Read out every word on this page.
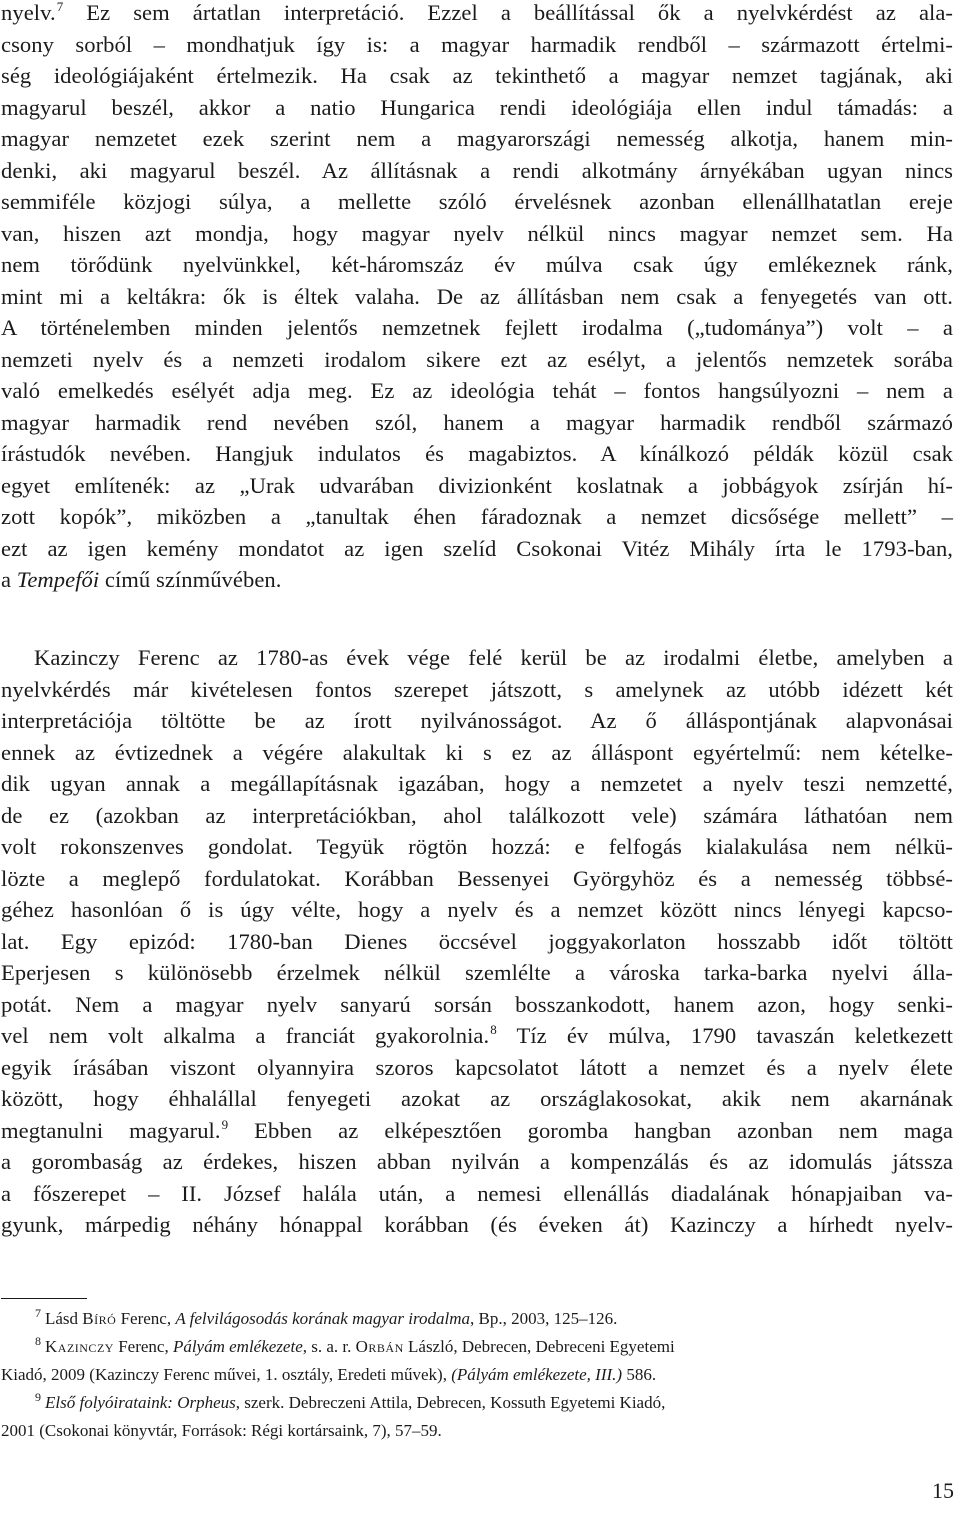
nyelv.$^7$ Ez sem ártatlan interpretáció. Ezzel a beállítással ők a nyelvkérdést az ala-
csony sorból – mondhatjuk így is: a magyar harmadik rendből – származott értelmi-
ség ideológiájaként értelmezik. Ha csak az tekinthető a magyar nemzet tagjának, aki
magyarul beszél, akkor a natio Hungarica rendi ideológiája ellen indul támadás: a
magyar nemzetet ezek szerint nem a magyarországi nemesség alkotja, hanem min-
denki, aki magyarul beszél. Az állításnak a rendi alkotmány árnyékában ugyan nincs
semmiféle közjogi súlya, a mellette szóló érvelésnek azonban ellenállhatatlan ereje
van, hiszen azt mondja, hogy magyar nyelv nélkül nincs magyar nemzet sem. Ha
nem törődünk nyelvünkkel, két-háromszáz év múlva csak úgy emlékeznek ránk,
mint mi a keltákra: ők is éltek valaha. De az állításban nem csak a fenyegetés van ott.
A történelemben minden jelentős nemzetnek fejlett irodalma („tudománya”) volt – a
nemzeti nyelv és a nemzeti irodalom sikere ezt az esélyt, a jelentős nemzetek sorába
való emelkedés esélyét adja meg. Ez az ideológia tehát – fontos hangsúlyozni – nem a
magyar harmadik rend nevében szól, hanem a magyar harmadik rendből származó
írástudók nevében. Hangjuk indulatos és magabiztos. A kínálkozó példák közül csak
egyet említenék: az „Urak udvarában divizionként koslatnak a jobbágyok zsírján hí-
zott kopók”, miközben a „tanultak éhen fáradoznak a nemzet dicsősége mellett” –
ezt az igen kemény mondatot az igen szelíd Csokonai Vitéz Mihály írta le 1793-ban,
a Tempefői című színművében.
Kazinczy Ferenc az 1780-as évek vége felé kerül be az irodalmi életbe, amelyben a
nyelvkérdés már kivételesen fontos szerepet játszott, s amelynek az utóbb idézett két
interpretációja töltötte be az írott nyilvánosságot. Az ő álláspontjának alapvonásai
ennek az évtizednek a végére alakultak ki s ez az álláspont egyértelmű: nem kételke-
dik ugyan annak a megállapításnak igazában, hogy a nemzetet a nyelv teszi nemzetté,
de ez (azokban az interpretációkban, ahol találkozott vele) számára láthatóan nem
volt rokonszenves gondolat. Tegyük rögtön hozzá: e felfogás kialakulása nem nélkü-
lözte a meglepő fordulatokat. Korábban Bessenyei Györgyhöz és a nemesség többsé-
géhez hasonlóan ő is úgy vélte, hogy a nyelv és a nemzet között nincs lényegi kapcso-
lat. Egy epizód: 1780-ban Dienes öccsével joggyakorlaton hosszabb időt töltött
Eperjesen s különösebb érzelmek nélkül szemlélte a városka tarka-barka nyelvi álla-
potát. Nem a magyar nyelv sanyarú sorsán bosszankodott, hanem azon, hogy senki-
vel nem volt alkalma a franciát gyakorolnia.$^8$ Tíz év múlva, 1790 tavaszán keletkezett
egyik írásában viszont olyannyira szoros kapcsolatot látott a nemzet és a nyelv élete
között, hogy éhhalállal fenyegeti azokat az országlakosokat, akik nem akarnának
megtanulni magyarul.$^9$ Ebben az elképesztően goromba hangban azonban nem maga
a gorombaság az érdekes, hiszen abban nyilván a kompenzálás és az idomulás játssza
a főszerepet – II. József halála után, a nemesi ellenállás diadalának hónapjaiban va-
gyunk, márpedig néhány hónappal korábban (és éveken át) Kazinczy a hírhedt nyelv-
$^7$ Lásd Bíró Ferenc, A felvilágosodás korának magyar irodalma, Bp., 2003, 125–126.
$^8$ Kazinczy Ferenc, Pályám emlékezete, s. a. r. Orbán László, Debrecen, Debreceni Egyetemi
Kiadó, 2009 (Kazinczy Ferenc művei, 1. osztály, Eredeti művek), (Pályám emlékezete, III.) 586.
$^9$ Első folyóirataink: Orpheus, szerk. Debreczeni Attila, Debrecen, Kossuth Egyetemi Kiadó,
2001 (Csokonai könyvtár, Források: Régi kortársaink, 7), 57–59.
15
